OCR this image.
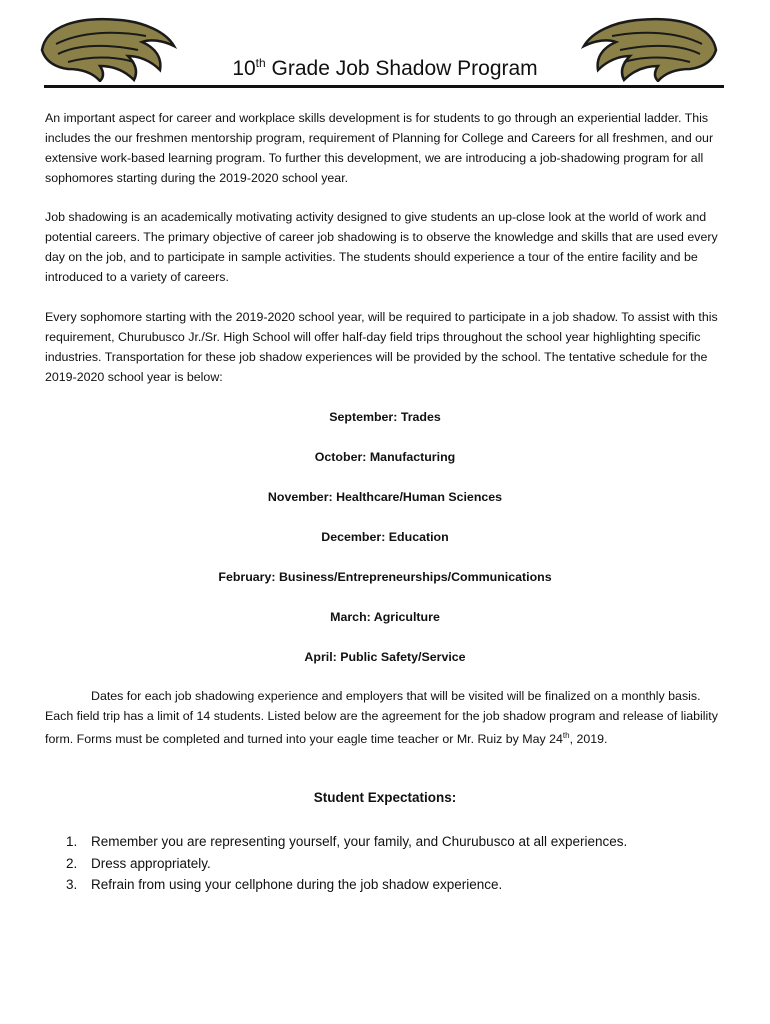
10th Grade Job Shadow Program

An important aspect for career and workplace skills development is for students to go through an experiential ladder. This includes the our freshmen mentorship program, requirement of Planning for College and Careers for all freshmen, and our extensive work-based learning program. To further this development, we are introducing a job-shadowing program for all sophomores starting during the 2019-2020 school year.

Job shadowing is an academically motivating activity designed to give students an up-close look at the world of work and potential careers. The primary objective of career job shadowing is to observe the knowledge and skills that are used every day on the job, and to participate in sample activities. The students should experience a tour of the entire facility and be introduced to a variety of careers.

Every sophomore starting with the 2019-2020 school year, will be required to participate in a job shadow. To assist with this requirement, Churubusco Jr./Sr. High School will offer half-day field trips throughout the school year highlighting specific industries. Transportation for these job shadow experiences will be provided by the school. The tentative schedule for the 2019-2020 school year is below:

September: Trades
October: Manufacturing
November: Healthcare/Human Sciences
December: Education
February: Business/Entrepreneurships/Communications
March: Agriculture
April: Public Safety/Service

Dates for each job shadowing experience and employers that will be visited will be finalized on a monthly basis. Each field trip has a limit of 14 students. Listed below are the agreement for the job shadow program and release of liability form. Forms must be completed and turned into your eagle time teacher or Mr. Ruiz by May 24th, 2019.

Student Expectations:
1. Remember you are representing yourself, your family, and Churubusco at all experiences.
2. Dress appropriately.
3. Refrain from using your cellphone during the job shadow experience.
